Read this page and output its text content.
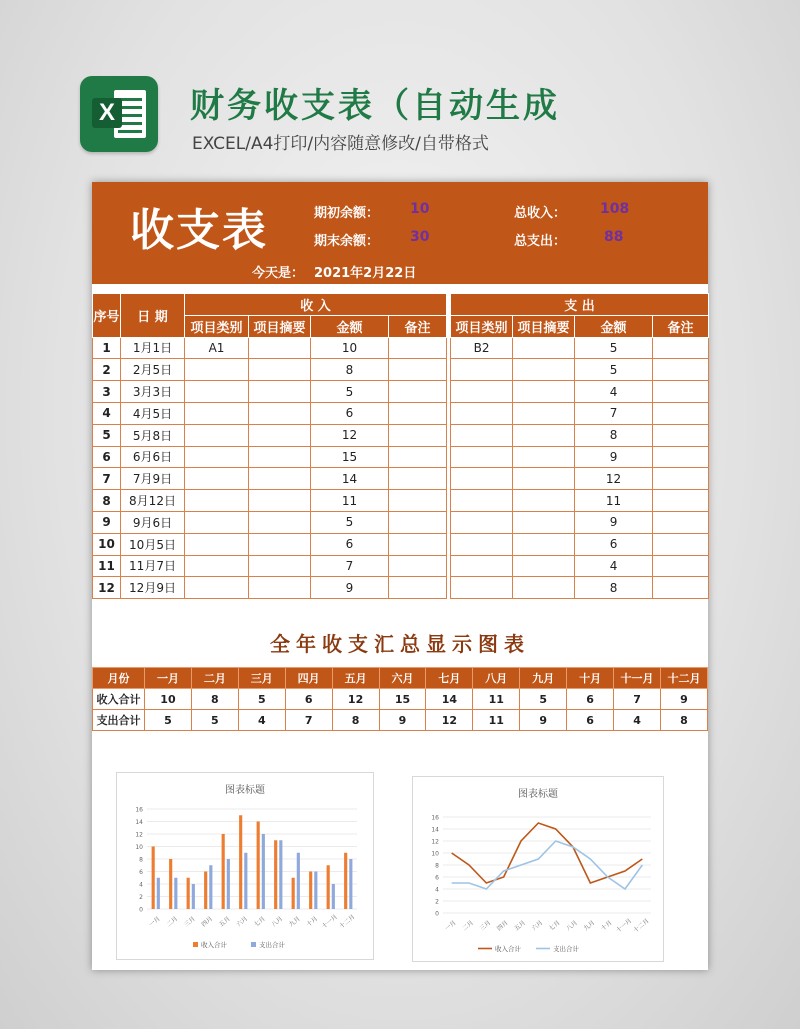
X 财务收支表（自动生成
EXCEL/A4打印/内容随意修改/自带格式
收支表	期初余额： 10
期末余额： 30
总收入： 108
总支出：	88
今天是： 2021年2月22日
序号	日 期	收 入					支 出			
		项目类别	项目摘要	金额	备注		项目类别	项目摘要	金额	备注
1	1月1日	A1		10			B2		5	
2	2月5日			8					5	
3	3月3日			5					4	
4	4月5日			6					7	
5	5月8日			12					8	
6	6月6日			15					9	
7	7月9日			14					12	
8	8月12日			11					11	
9	9月6日			5					9	
10	10月5日			6					6	
11	11月7日			7					4	
12	12月9日			9					8	
全年收支汇总显示图表
月份	一月	二月	三月	四月	五月	六月	七月	八月	九月	十月	十一月	十二月
收入合计	10	8	5	6	12	15	14	11	5	6	7	9
支出合计	5	5	4	7	8	9	12	11	9	6	4	8
图表标题
0
2
4
6
8
10
12
14
16
一月 二月 三月 四月 五月 六月 七月 八月 九月 十月 十一月 十二月
收入合计	支出合计
图表标题
0
2
4
6
8
10
12
14
16
一月 二月 三月 四月 五月 六月 七月 八月 九月 十月 十一月 十二月
收入合计	支出合计
